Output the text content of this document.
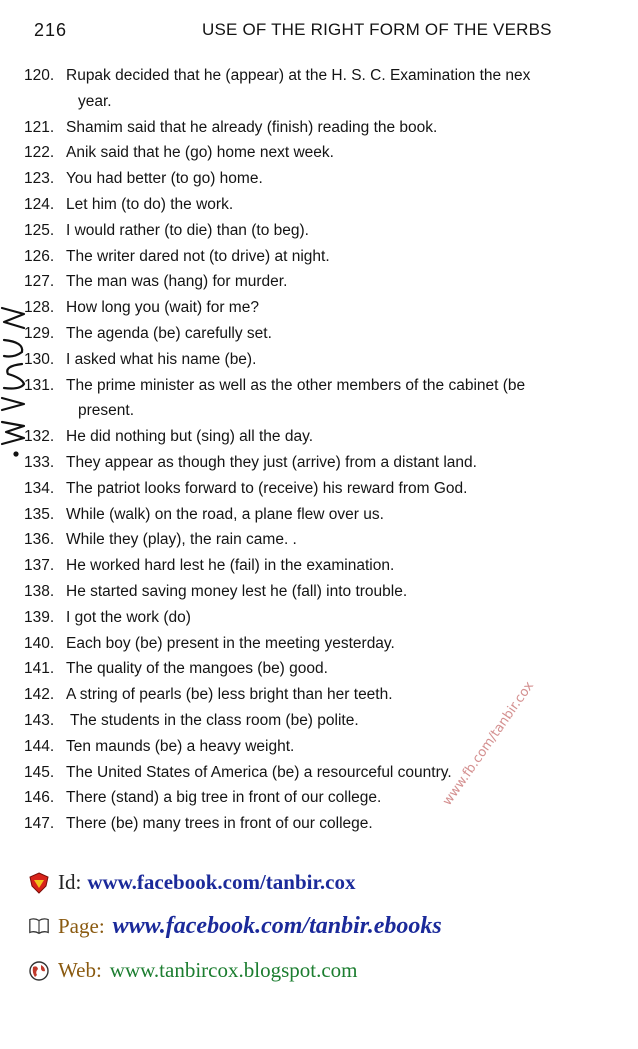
216	USE OF THE RIGHT FORM OF THE VERBS
120. Rupak decided that he (appear) at the H. S. C. Examination the nex
year.
121. Shamim said that he already (finish) reading the book.
122. Anik said that he (go) home next week.
123. You had better (to go) home.
124. Let him (to do) the work.
125. I would rather (to die) than (to beg).
126. The writer dared not (to drive) at night.
127. The man was (hang) for murder.
128. How long you (wait) for me?
129. The agenda (be) carefully set.
130. I asked what his name (be).
131. The prime minister as well as the other members of the cabinet (be
present.
132. He did nothing but (sing) all the day.
133. They appear as though they just (arrive) from a distant land.
134. The patriot looks forward to (receive) his reward from God.
135. While (walk) on the road, a plane flew over us.
136. While they (play), the rain came. .
137. He worked hard lest he (fail) in the examination.
138. He started saving money lest he (fall) into trouble.
139. I got the work (do)
140. Each boy (be) present in the meeting yesterday.
141. The quality of the mangoes (be) good.
142. A string of pearls (be) less bright than her teeth.
143. The students in the class room (be) polite.
144. Ten maunds (be) a heavy weight.
145. The United States of America (be) a resourceful country.
146. There (stand) a big tree in front of our college.
147. There (be) many trees in front of our college.
www.fb.com/tanbir.cox
Id: www.facebook.com/tanbir.cox
Page: www.facebook.com/tanbir.ebooks
Web: www.tanbircox.blogspot.com
